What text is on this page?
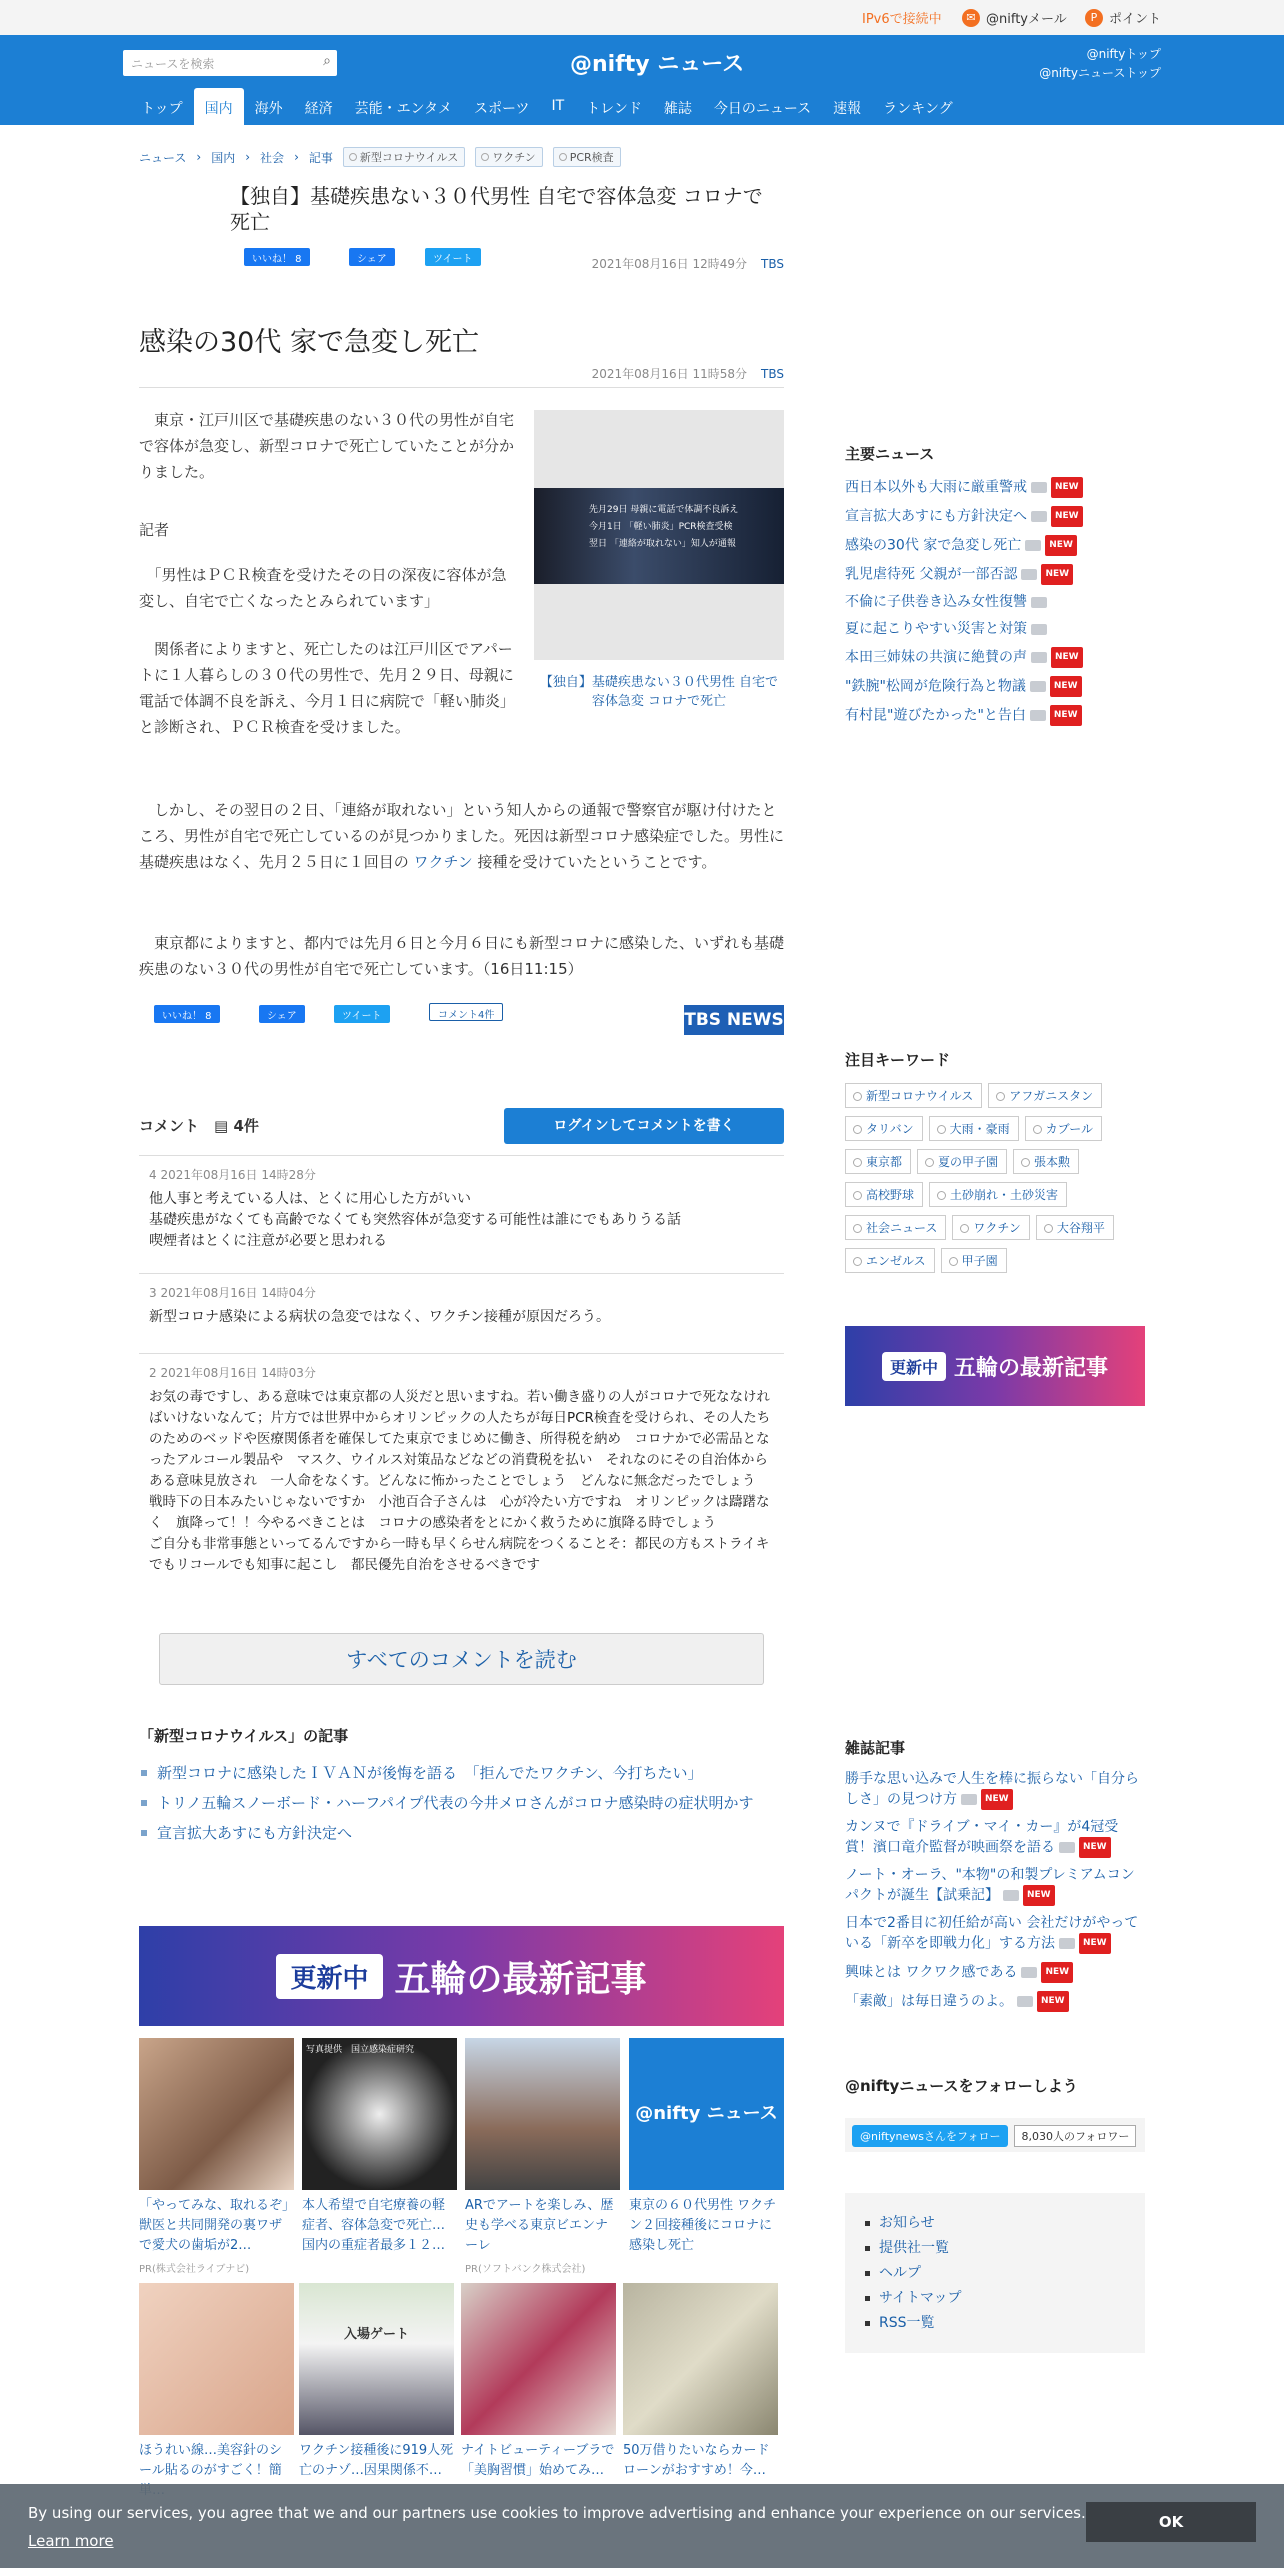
IPv6で接続中	✉ @niftyメール	P ポイント
ニュースを検索	⌕	@nifty ニュース	@niftyトップ
@niftyニューストップ
トップ	国内	海外	経済	芸能・エンタメ	スポーツ	IT	トレンド	雑誌	今日のニュース	速報	ランキング
ニュース › 国内 › 社会 › 記事	新型コロナウイルス	ワクチン	PCR検査
【独自】基礎疾患ない３０代男性 自宅で容体急変 コロナで死亡
いいね！ 8	シェア	ツイート	2021年08月16日 12時49分 TBS
感染の30代 家で急変し死亡
2021年08月16日 11時58分 TBS
　東京・江戸川区で基礎疾患のない３０代の男性が自宅で容体が急変し、新型コロナで死亡していたことが分かりました。
記者
　「男性はＰＣＲ検査を受けたその日の深夜に容体が急変し、自宅で亡くなったとみられています」
　関係者によりますと、死亡したのは江戸川区でアパートに１人暮らしの３０代の男性で、先月２９日、母親に電話で体調不良を訴え、今月１日に病院で「軽い肺炎」と診断され、ＰＣＲ検査を受けました。
先月29日 母親に電話で体調不良訴え
今月1日 「軽い肺炎」PCR検査受検
翌日 「連絡が取れない」知人が通報
【独自】基礎疾患ない３０代男性 自宅で容体急変 コロナで死亡
　しかし、その翌日の２日、「連絡が取れない」という知人からの通報で警察官が駆け付けたところ、男性が自宅で死亡しているのが見つかりました。死因は新型コロナ感染症でした。男性に基礎疾患はなく、先月２５日に１回目の ワクチン 接種を受けていたということです。
　東京都によりますと、都内では先月６日と今月６日にも新型コロナに感染した、いずれも基礎疾患のない３０代の男性が自宅で死亡しています。（16日11:15）
いいね！ 8	シェア	ツイート	コメント4件	TBS NEWS
コメント　 ▤ 4件	ログインしてコメントを書く
4 2021年08月16日 14時28分
他人事と考えている人は、とくに用心した方がいい
基礎疾患がなくても高齢でなくても突然容体が急変する可能性は誰にでもありうる話
喫煙者はとくに注意が必要と思われる
3 2021年08月16日 14時04分
新型コロナ感染による病状の急変ではなく、ワクチン接種が原因だろう。
2 2021年08月16日 14時03分
お気の毒ですし、ある意味では東京都の人災だと思いますね。若い働き盛りの人がコロナで死ななければいけないなんて；片方では世界中からオリンピックの人たちが毎日PCR検査を受けられ、その人たちのためのベッドや医療関係者を確保してた東京でまじめに働き、所得税を納め　コロナかで必需品となったアルコール製品や　マスク、ウイルス対策品などなどの消費税を払い　それなのにその自治体から　ある意味見放され　一人命をなくす。どんなに怖かったことでしょう　どんなに無念だったでしょう　戦時下の日本みたいじゃないですか　小池百合子さんは　心が冷たい方ですね　オリンピックは躊躇なく　旗降って！！今やるべきことは　コロナの感染者をとにかく救うために旗降る時でしょう
ご自分も非常事態といってるんですから一時も早くらせん病院をつくることそ：都民の方もストライキでもリコールでも知事に起こし　都民優先自治をさせるべきです
すべてのコメントを読む
「新型コロナウイルス」の記事
新型コロナに感染したＩＶＡＮが後悔を語る　「拒んでたワクチン、今打ちたい」
トリノ五輪スノーボード・ハーフパイプ代表の今井メロさんがコロナ感染時の症状明かす
宣言拡大あすにも方針決定へ
更新中 五輪の最新記事
「やってみな、取れるぞ」獣医と共同開発の裏ワザで愛犬の歯垢が2…
PR(株式会社ライブナビ)
写真提供　国立感染症研究
本人希望で自宅療養の軽症者、容体急変で死亡… 国内の重症者最多１２…
ARでアートを楽しみ、歴史も学べる東京ビエンナーレ
PR(ソフトバンク株式会社)
@nifty ニュース
東京の６０代男性 ワクチン２回接種後にコロナに感染し死亡
ほうれい線…美容針のシール貼るのがすごく！簡
入場ゲート
ワクチン接種後に919人死亡のナゾ…因果関係不…
ナイトビューティーブラで「美胸習慣」始めてみ…
50万借りたいならカードローンがおすすめ！今…
主要ニュース
西日本以外も大雨に厳重警戒	NEW
宣言拡大あすにも方針決定へ	NEW
感染の30代 家で急変し死亡	NEW
乳児虐待死 父親が一部否認	NEW
不倫に子供巻き込み女性復讐
夏に起こりやすい災害と対策
本田三姉妹の共演に絶賛の声	NEW
"鉄腕"松岡が危険行為と物議	NEW
有村昆"遊びたかった"と告白	NEW
注目キーワード
新型コロナウイルス	アフガニスタン
タリバン	大雨・豪雨	カブール
東京都	夏の甲子園	張本勲
高校野球	土砂崩れ・土砂災害
社会ニュース	ワクチン	大谷翔平
エンゼルス	甲子園
更新中 五輪の最新記事
雑誌記事
勝手な思い込みで人生を棒に振らない「自分らしさ」の見つけ方	NEW
カンヌで『ドライブ・マイ・カー』が4冠受賞！濱口竜介監督が映画祭を語る	NEW
ノート・オーラ、"本物"の和製プレミアムコンパクトが誕生【試乗記】	NEW
日本で2番目に初任給が高い 会社だけがやっている「新卒を即戦力化」する方法	NEW
興味とは ワクワク感である	NEW
「素敵」は毎日違うのよ。	NEW
@niftyニュースをフォローしよう
@niftynewsさんをフォロー 8,030人のフォロワー
お知らせ
提供社一覧
ヘルプ
サイトマップ
RSS一覧
By using our services, you agree that we and our partners use cookies to improve advertising and enhance your experience on our services.
Learn more
OK
